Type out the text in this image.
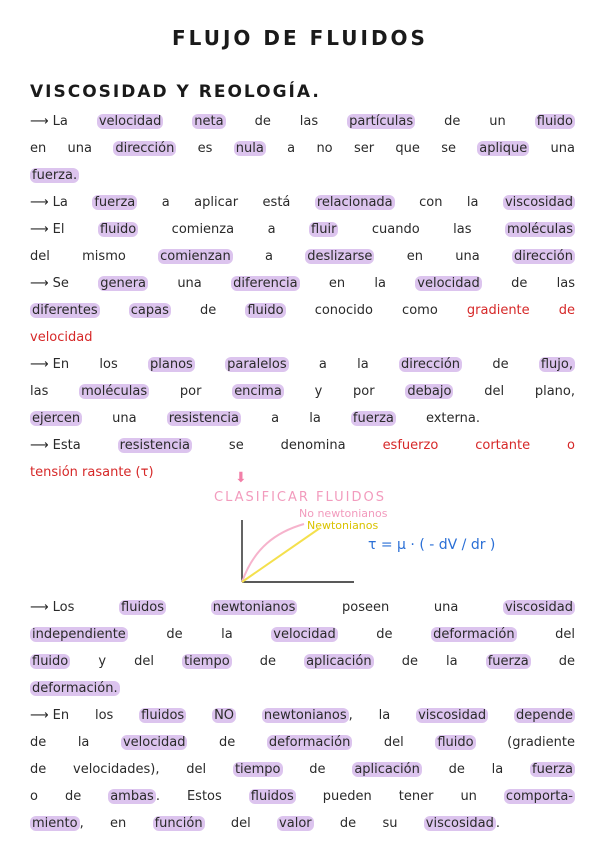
FLUJO DE FLUIDOS
VISCOSIDAD Y REOLOGÍA.
⟶ La velocidad	neta de las partículas de un fluido
en una dirección es nula a no ser que se aplique una
fuerza.
⟶ La fuerza a aplicar está relacionada con la viscosidad
⟶ El fluido comienza a fluir cuando las moléculas
del mismo comienzan a deslizarse en una dirección
⟶ Se genera una diferencia en la velocidad de las
diferentes	capas de fluido conocido como gradiente de
velocidad
⟶ En los planos	paralelos a la dirección de flujo,
las moléculas por encima y por debajo del plano,
ejercen una resistencia a la fuerza externa.
⟶ Esta resistencia se denomina esfuerzo cortante o
tensión rasante (τ)	⬇
CLASIFICAR FLUIDOS
No newtonianos
Newtonianos
τ = μ · ( - dV / dr )
⟶ Los fluidos	newtonianos poseen una viscosidad
independiente de la velocidad de deformación del
fluido y del tiempo de aplicación de la fuerza de
deformación.
⟶ En los fluidos NO newtonianos , la viscosidad depende
de la velocidad de deformación del fluido (gradiente
de velocidades), del tiempo de aplicación de la fuerza
o de ambas . Estos fluidos pueden tener un comporta-
miento , en función del valor de su viscosidad .
